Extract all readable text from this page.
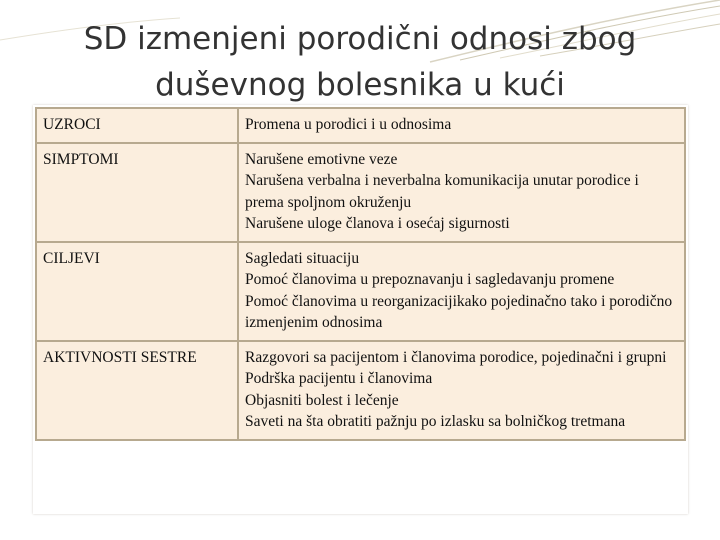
SD izmenjeni porodični odnosi zbog
duševnog bolesnika u kući
UZROCI	Promena u porodici i u odnosima

SIMPTOMI	Narušene emotivne veze
Narušena verbalna i neverbalna komunikacija unutar porodice i prema spoljnom okruženju
Narušene uloge članova i osećaj sigurnosti

CILJEVI	Sagledati situaciju
Pomoć članovima u prepoznavanju i sagledavanju promene
Pomoć članovima u reorganizacijikako pojedinačno tako i porodično izmenjenim odnosima

AKTIVNOSTI SESTRE	Razgovori sa pacijentom i članovima porodice, pojedinačni i grupni
Podrška pacijentu i članovima
Objasniti bolest i lečenje
Saveti na šta obratiti pažnju po izlasku sa bolničkog tretmana
